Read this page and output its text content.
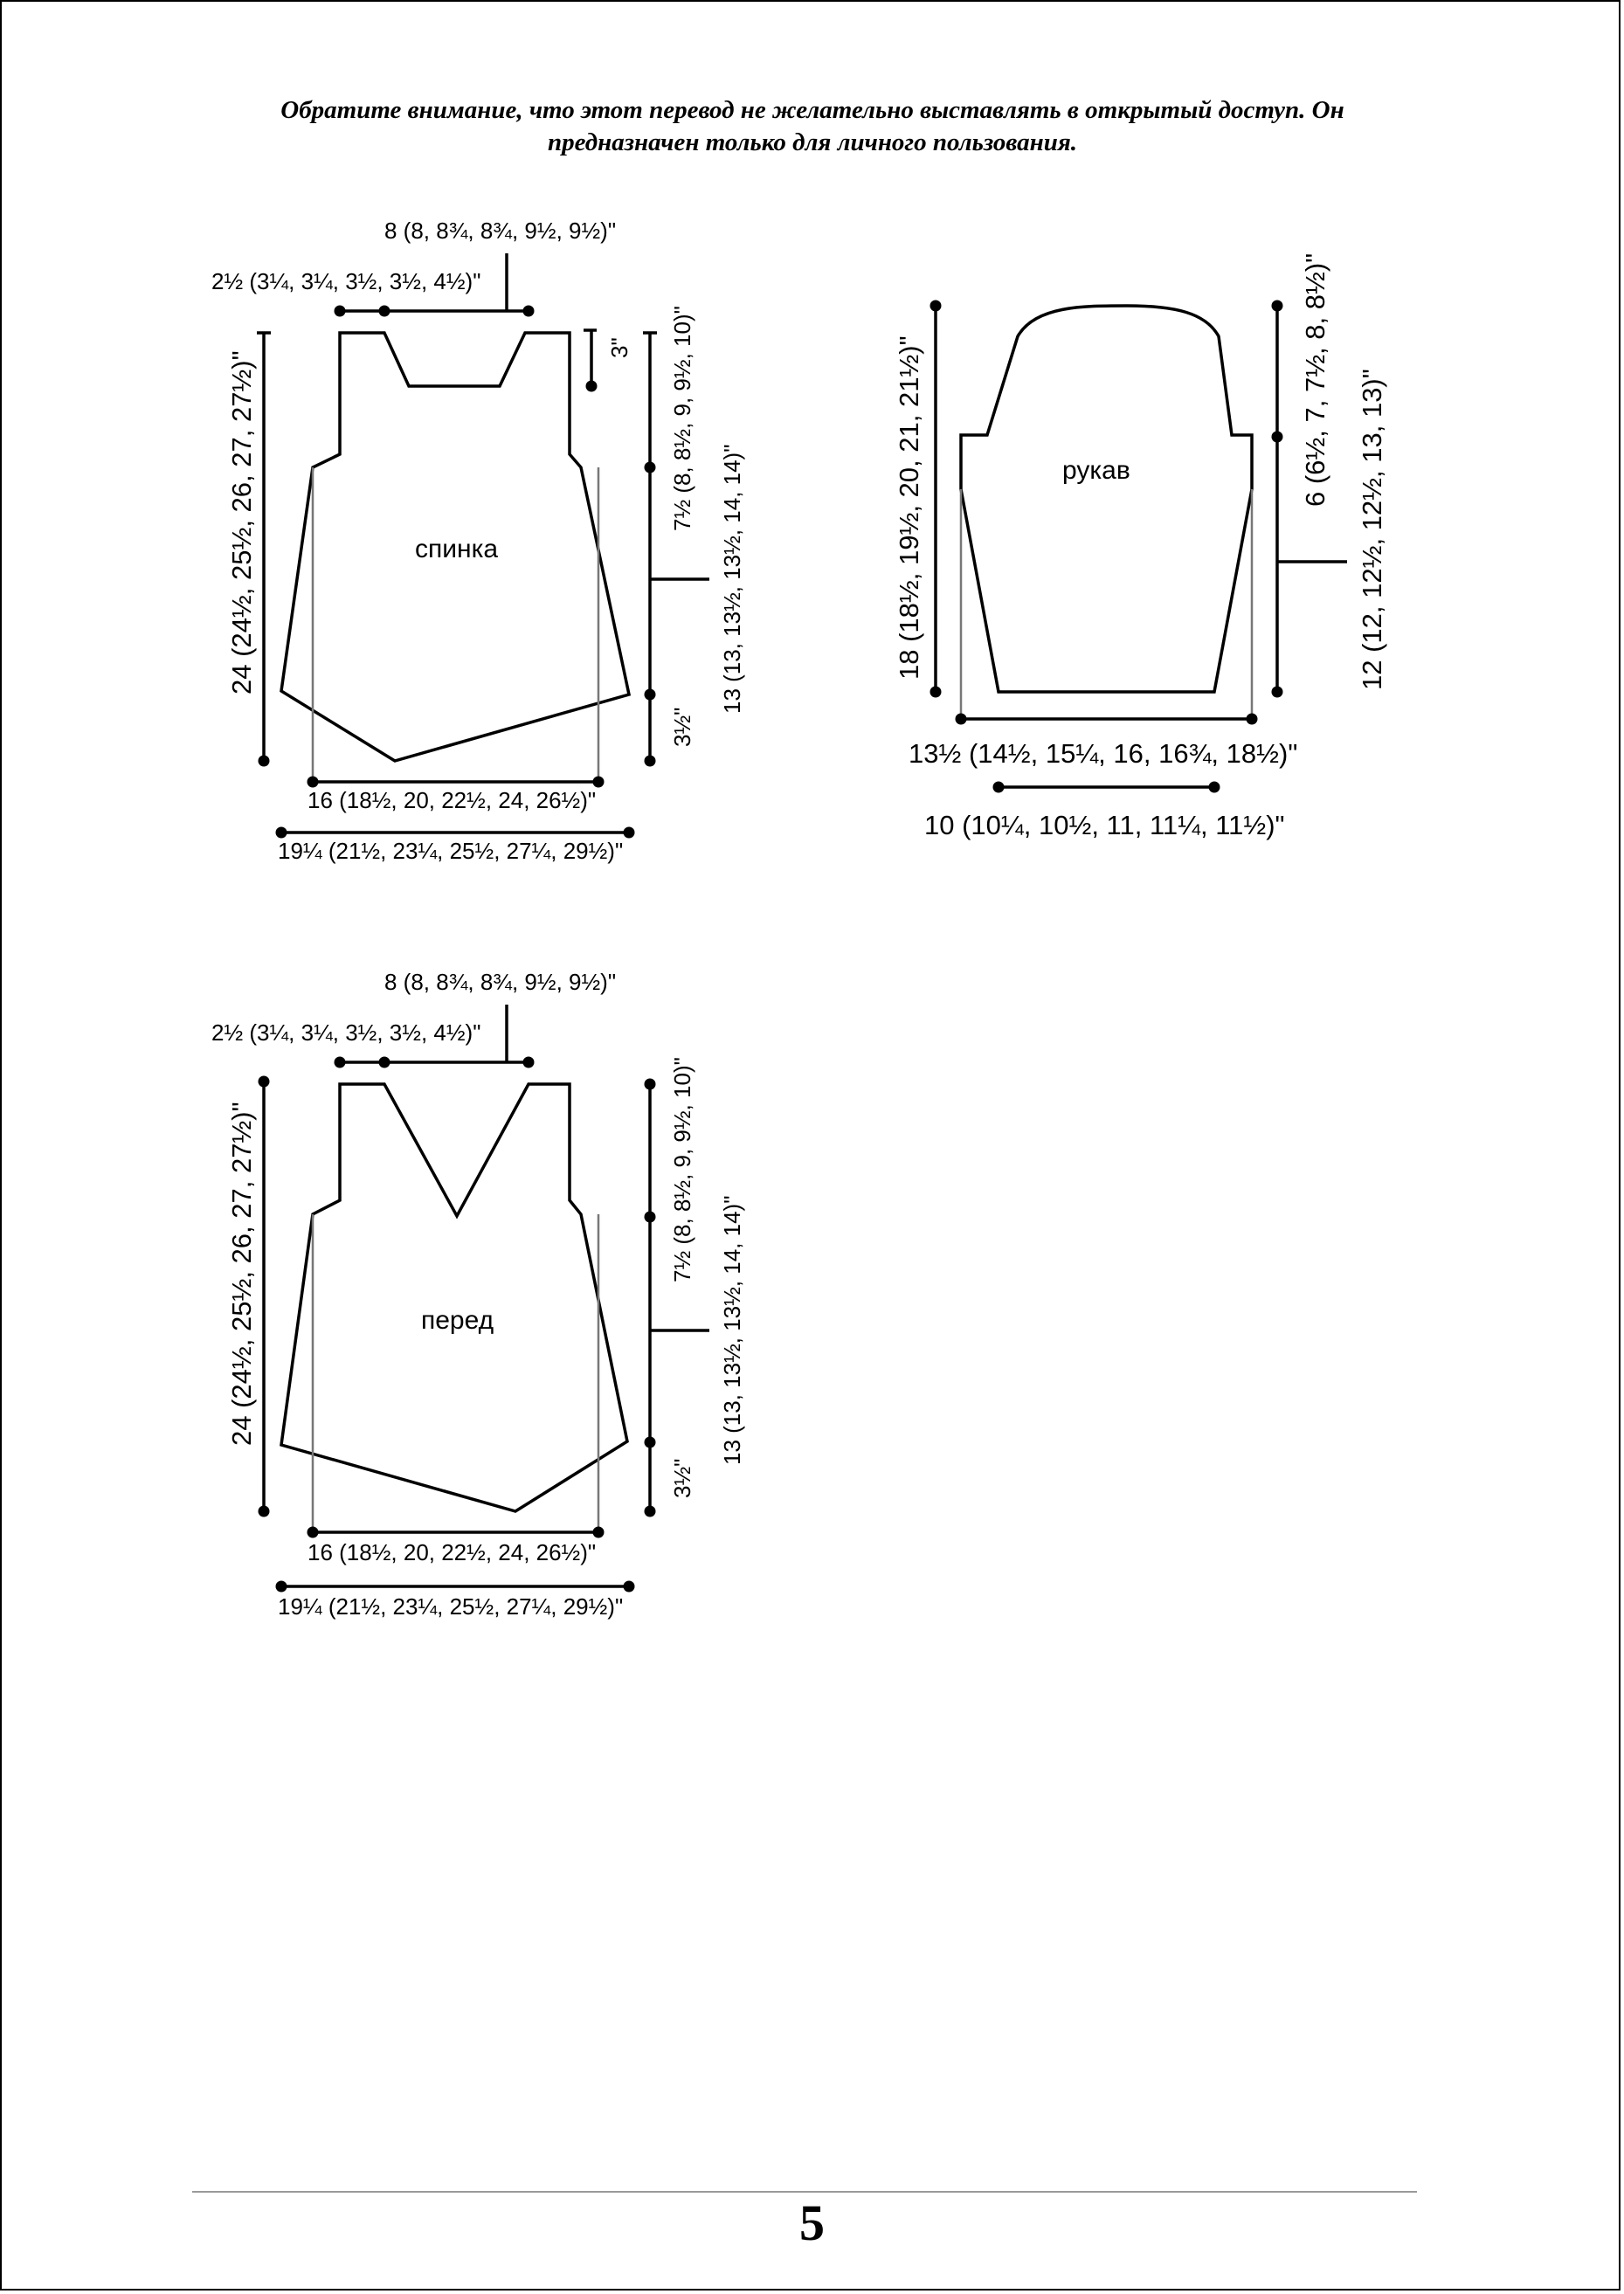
Обратите внимание, что этот перевод не желательно выставлять в открытый доступ. Он
предназначен только для личного пользования.
8 (8, 8¾, 8¾, 9½, 9½)"
2½ (3¼, 3¼, 3½, 3½, 4½)"
3"
24 (24½, 25½, 26, 27, 27½)"	7½ (8, 8½, 9, 9½, 10)"
13 (13, 13½, 13½, 14, 14)"
3½"
16 (18½, 20, 22½, 24, 26½)"
19¼ (21½, 23¼, 25½, 27¼, 29½)"
спинка	18 (18½, 19½, 20, 21, 21½)"	6 (6½, 7, 7½, 8, 8½)" 12 (12, 12½, 12½, 13, 13)"
13½ (14½, 15¼, 16, 16¾, 18½)"
10 (10¼, 10½, 11, 11¼, 11½)"
рукав
8 (8, 8¾, 8¾, 9½, 9½)"
2½ (3¼, 3¼, 3½, 3½, 4½)"
24 (24½, 25½, 26, 27, 27½)"	7½ (8, 8½, 9, 9½, 10)"
13 (13, 13½, 13½, 14, 14)"
3½"
16 (18½, 20, 22½, 24, 26½)"
19¼ (21½, 23¼, 25½, 27¼, 29½)"
перед
5
